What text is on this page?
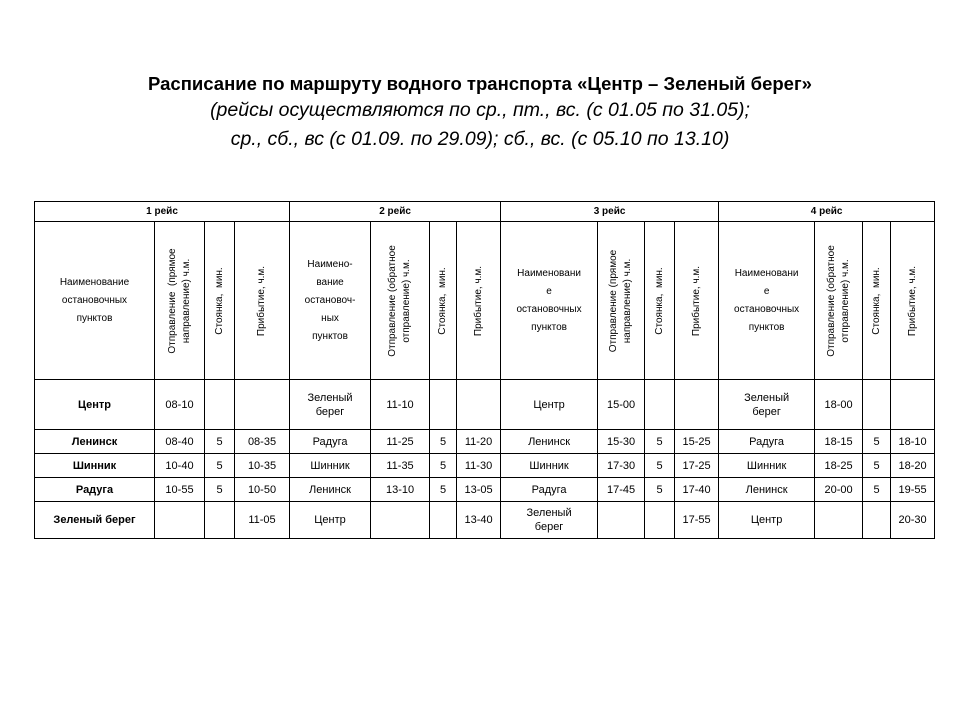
Расписание по маршруту водного транспорта «Центр – Зеленый берег»
(рейсы осуществляются по ср., пт., вс. (с 01.05 по 31.05);
ср., сб., вс (с 01.09. по 29.09); сб., вс. (с 05.10 по 13.10)
1 рейс				2 рейс				3 рейс				4 рейс			
Наименование
остановочных
пунктов	Отправление  (прямое
направление) ч.м.	Стоянка,  мин.	Прибытие, ч.м.	Наимено-
вание
остановоч-
ных
пунктов	Отправление (обратное
отправление) ч.м.	Стоянка,  мин.	Прибытие, ч.м.	Наименовани
е
остановочных
пунктов	Отправление (прямое
направление) ч.м.	Стоянка,  мин.	Прибытие, ч.м.	Наименовани
е
остановочных
пунктов	Отправление (обратное
отправление) ч.м.	Стоянка,  мин.	Прибытие, ч.м.

Центр	08-10			Зеленый
берег	11-10			Центр	15-00			Зеленый
берег	18-00		
Ленинск	08-40	5	08-35	Радуга	11-25	5	11-20	Ленинск	15-30	5	15-25	Радуга	18-15	5	18-10
Шинник	10-40	5	10-35	Шинник	11-35	5	11-30	Шинник	17-30	5	17-25	Шинник	18-25	5	18-20
Радуга	10-55	5	10-50	Ленинск	13-10	5	13-05	Радуга	17-45	5	17-40	Ленинск	20-00	5	19-55
Зеленый берег			11-05	Центр			13-40	Зеленый
берег			17-55	Центр			20-30
